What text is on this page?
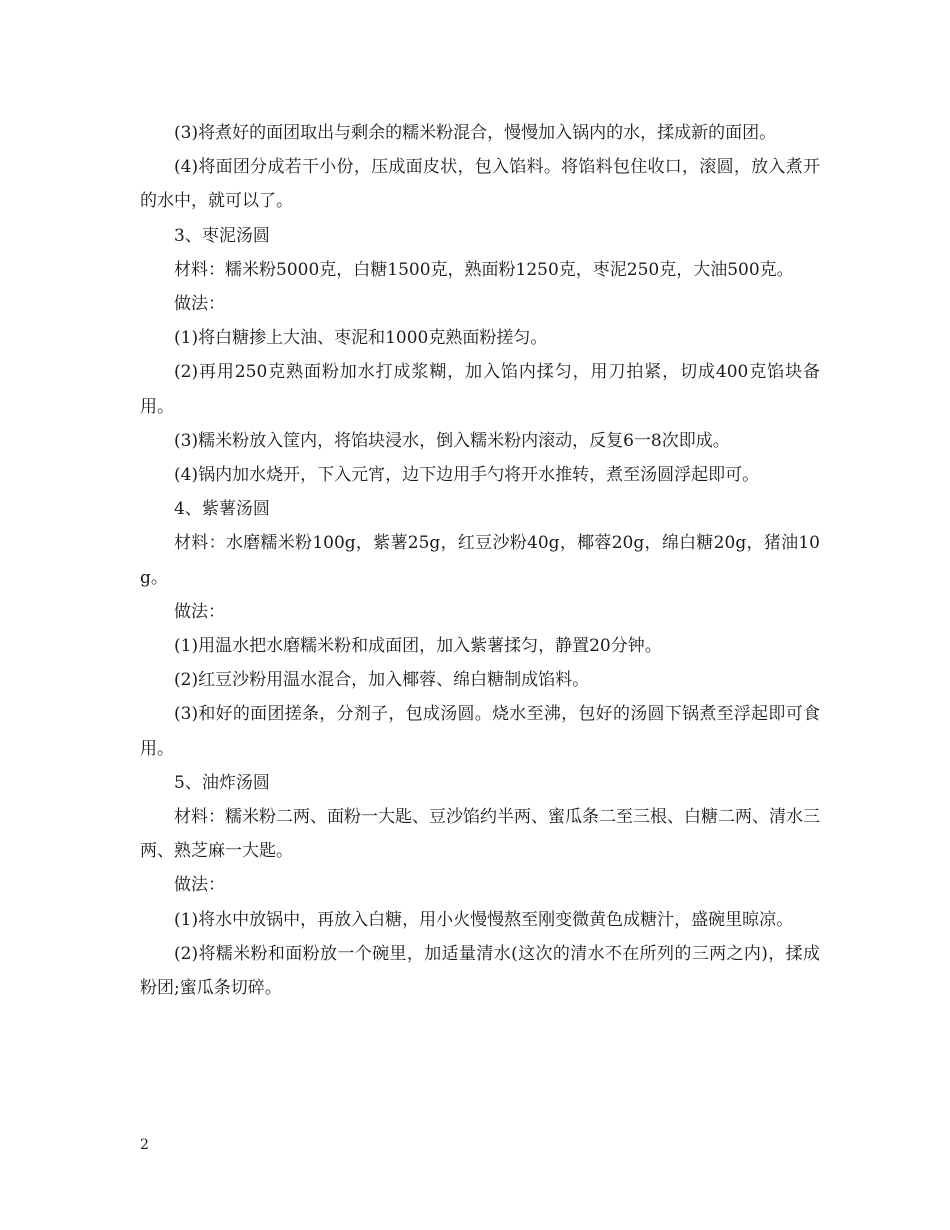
(3)将煮好的面团取出与剩余的糯米粉混合，慢慢加入锅内的水，揉成新的面团。

(4)将面团分成若干小份，压成面皮状，包入馅料。将馅料包住收口，滚圆，放入煮开的水中，就可以了。

3、枣泥汤圆

材料：糯米粉5000克，白糖1500克，熟面粉1250克，枣泥250克，大油500克。

做法：

(1)将白糖掺上大油、枣泥和1000克熟面粉搓匀。

(2)再用250克熟面粉加水打成浆糊，加入馅内揉匀，用刀拍紧，切成400克馅块备用。

(3)糯米粉放入筐内，将馅块浸水，倒入糯米粉内滚动，反复6一8次即成。

(4)锅内加水烧开，下入元宵，边下边用手勺将开水推转，煮至汤圆浮起即可。

4、紫薯汤圆

材料：水磨糯米粉100g，紫薯25g，红豆沙粉40g，椰蓉20g，绵白糖20g，猪油10g。

做法：

(1)用温水把水磨糯米粉和成面团，加入紫薯揉匀，静置20分钟。

(2)红豆沙粉用温水混合，加入椰蓉、绵白糖制成馅料。

(3)和好的面团搓条，分剂子，包成汤圆。烧水至沸，包好的汤圆下锅煮至浮起即可食用。

5、油炸汤圆

材料：糯米粉二两、面粉一大匙、豆沙馅约半两、蜜瓜条二至三根、白糖二两、清水三两、熟芝麻一大匙。

做法：

(1)将水中放锅中，再放入白糖，用小火慢慢熬至刚变微黄色成糖汁，盛碗里晾凉。

(2)将糯米粉和面粉放一个碗里，加适量清水(这次的清水不在所列的三两之内)，揉成粉团;蜜瓜条切碎。

2
